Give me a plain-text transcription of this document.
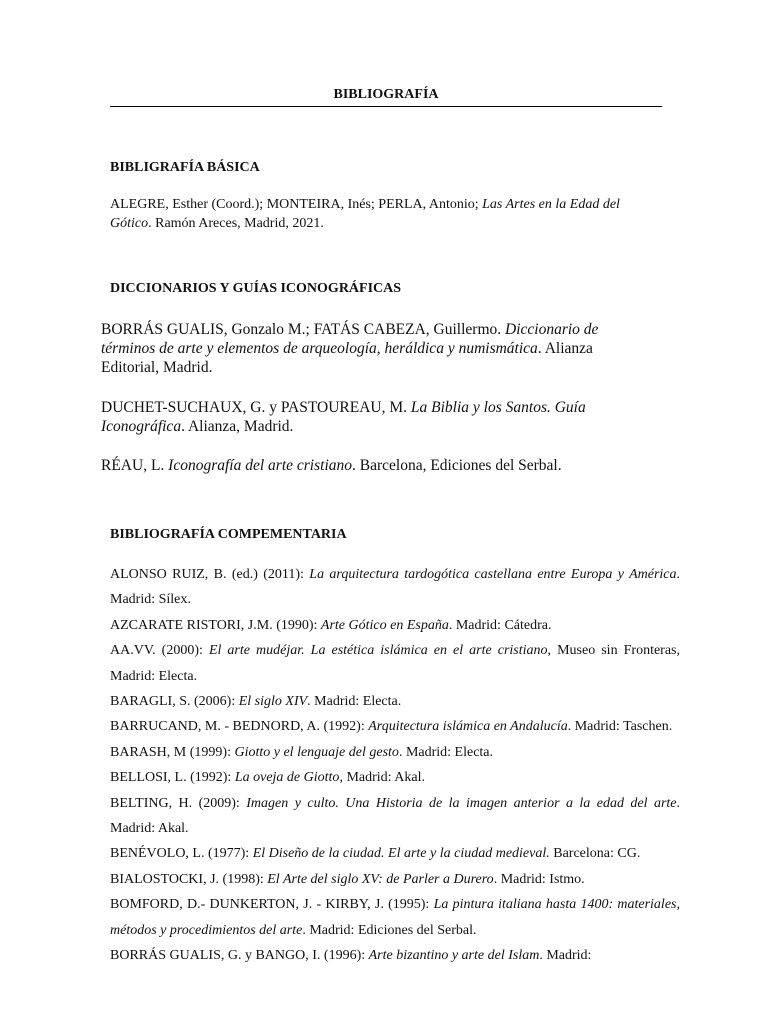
BIBLIOGRAFÍA
BIBLIGRAFÍA BÁSICA
ALEGRE, Esther (Coord.); MONTEIRA, Inés; PERLA, Antonio; Las Artes en la Edad del Gótico. Ramón Areces, Madrid, 2021.
DICCIONARIOS Y GUÍAS ICONOGRÁFICAS
BORRÁS GUALIS, Gonzalo M.; FATÁS CABEZA, Guillermo. Diccionario de términos de arte y elementos de arqueología, heráldica y numismática. Alianza Editorial, Madrid.
DUCHET-SUCHAUX, G. y PASTOUREAU, M. La Biblia y los Santos. Guía Iconográfica. Alianza, Madrid.
RÉAU, L. Iconografía del arte cristiano. Barcelona, Ediciones del Serbal.
BIBLIOGRAFÍA COMPEMENTARIA
ALONSO RUIZ, B. (ed.) (2011): La arquitectura tardogótica castellana entre Europa y América. Madrid: Sílex.
AZCARATE RISTORI, J.M. (1990): Arte Gótico en España. Madrid: Cátedra.
AA.VV. (2000): El arte mudéjar. La estética islámica en el arte cristiano, Museo sin Fronteras, Madrid: Electa.
BARAGLI, S. (2006): El siglo XIV. Madrid: Electa.
BARRUCAND, M. - BEDNORD, A. (1992): Arquitectura islámica en Andalucía. Madrid: Taschen.
BARASH, M (1999): Giotto y el lenguaje del gesto. Madrid: Electa.
BELLOSI, L. (1992): La oveja de Giotto, Madrid: Akal.
BELTING, H. (2009): Imagen y culto. Una Historia de la imagen anterior a la edad del arte. Madrid: Akal.
BENÉVOLO, L. (1977): El Diseño de la ciudad. El arte y la ciudad medieval. Barcelona: CG.
BIALOSTOCKI, J. (1998): El Arte del siglo XV: de Parler a Durero. Madrid: Istmo.
BOMFORD, D.- DUNKERTON, J. - KIRBY, J. (1995): La pintura italiana hasta 1400: materiales, métodos y procedimientos del arte. Madrid: Ediciones del Serbal.
BORRÁS GUALIS, G. y BANGO, I. (1996): Arte bizantino y arte del Islam. Madrid:
